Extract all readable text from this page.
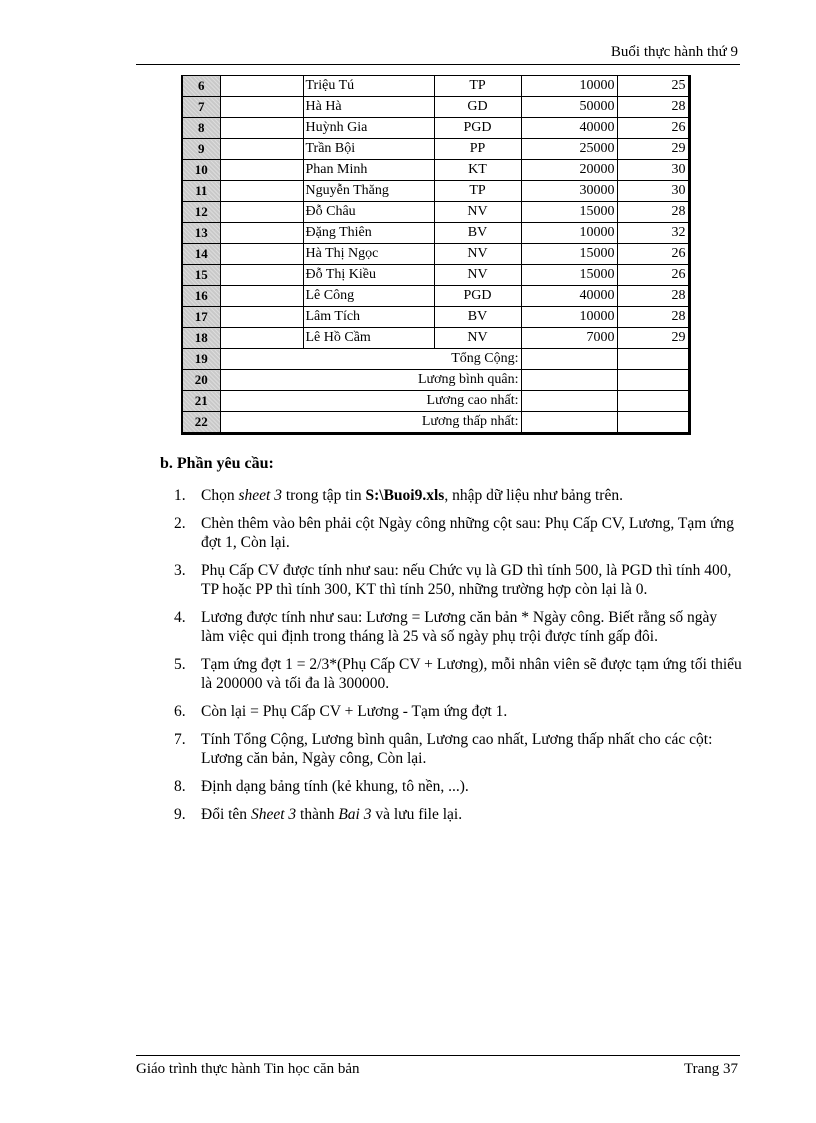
Buổi thực hành thứ 9
6		Triệu Tú	TP	10000	25
7		Hà Hà	GD	50000	28
8		Huỳnh Gia	PGD	40000	26
9		Trần Bội	PP	25000	29
10		Phan Minh	KT	20000	30
11		Nguyễn Thăng	TP	30000	30
12		Đỗ Châu	NV	15000	28
13		Đặng Thiên	BV	10000	32
14		Hà Thị Ngọc	NV	15000	26
15		Đỗ Thị Kiều	NV	15000	26
16		Lê Công	PGD	40000	28
17		Lâm Tích	BV	10000	28
18		Lê Hồ Cầm	NV	7000	29
19	Tổng Cộng:				
20	Lương bình quân:				
21	Lương cao nhất:				
22	Lương thấp nhất:				
b. Phần yêu cầu:
1. Chọn sheet 3 trong tập tin S:\Buoi9.xls, nhập dữ liệu như bảng trên.
2. Chèn thêm vào bên phải cột Ngày công những cột sau: Phụ Cấp CV, Lương, Tạm ứng đợt 1, Còn lại.
3. Phụ Cấp CV được tính như sau: nếu Chức vụ là GD thì tính 500, là PGD thì tính 400, TP hoặc PP thì tính 300, KT thì tính 250, những trường hợp còn lại là 0.
4. Lương được tính như sau: Lương = Lương căn bản * Ngày công. Biết rằng số ngày làm việc qui định trong tháng là 25 và số ngày phụ trội được tính gấp đôi.
5. Tạm ứng đợt 1 = 2/3*(Phụ Cấp CV + Lương), mỗi nhân viên sẽ được tạm ứng tối thiểu là 200000 và tối đa là 300000.
6. Còn lại = Phụ Cấp CV + Lương - Tạm ứng đợt 1.
7. Tính Tổng Cộng, Lương bình quân, Lương cao nhất, Lương thấp nhất cho các cột:  Lương căn bản, Ngày công, Còn lại.
8. Định dạng bảng tính (kẻ khung, tô nền, ...).
9. Đổi tên Sheet 3 thành Bai 3 và lưu file lại.
Giáo trình thực hành Tin học căn bản	Trang 37
